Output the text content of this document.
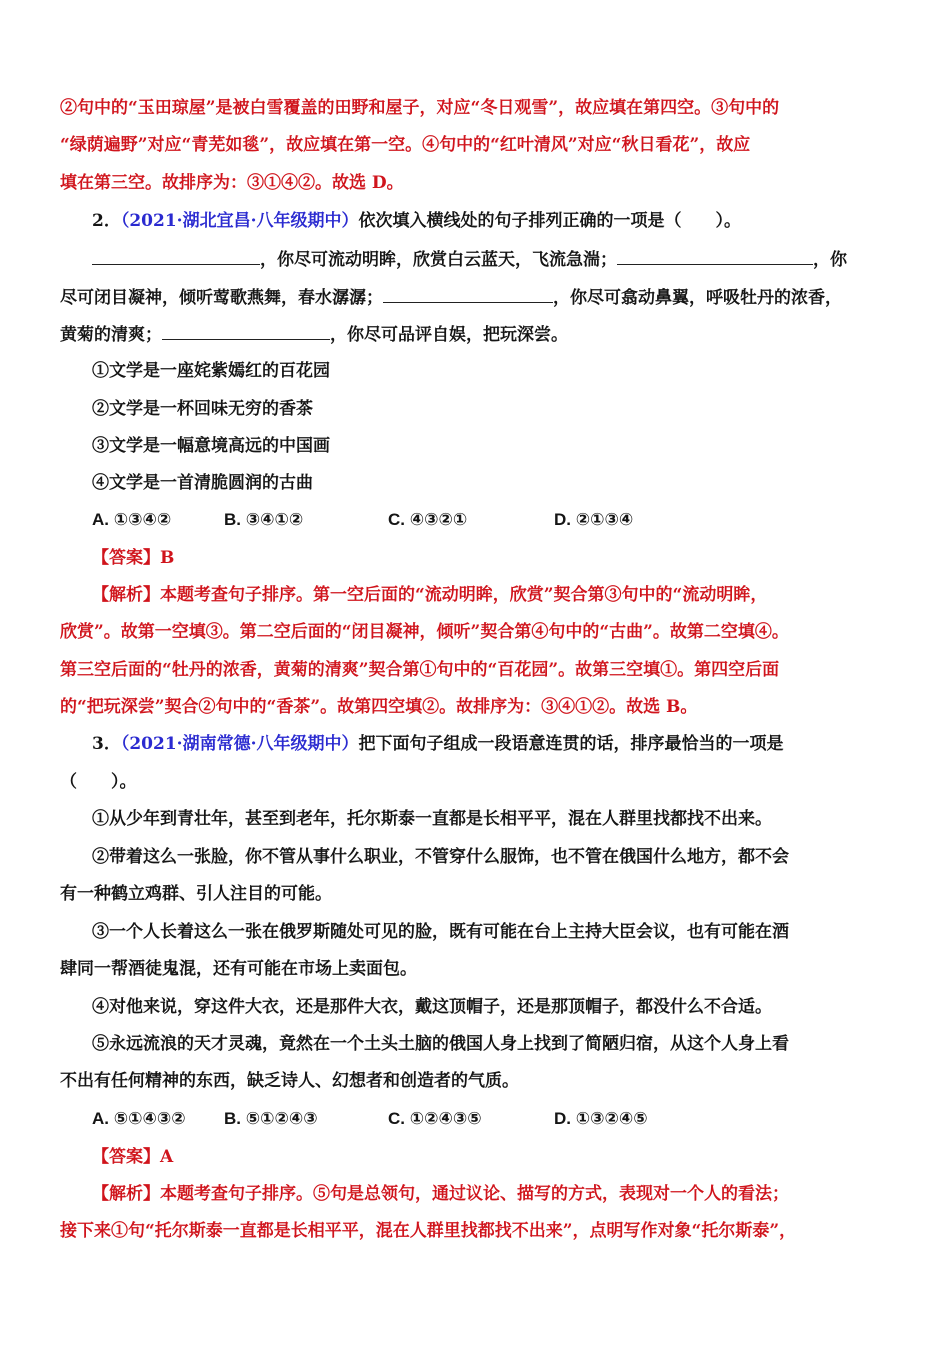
②句中的“玉田琼屋”是被白雪覆盖的田野和屋子，对应“冬日观雪”，故应填在第四空。③句中的
“绿荫遍野”对应“青芜如毯”，故应填在第一空。④句中的“红叶清风”对应“秋日看花”，故应
填在第三空。故排序为：③①④②。故选 D。
2．（2021·湖北宜昌·八年级期中）依次填入横线处的句子排列正确的一项是（　　）。
，你尽可流动明眸，欣赏白云蓝天，飞流急湍；	，你
尽可闭目凝神，倾听莺歌燕舞，春水潺潺；	，你尽可翕动鼻翼，呼吸牡丹的浓香，
黄菊的清爽；	，你尽可品评自娱，把玩深尝。
①文学是一座姹紫嫣红的百花园
②文学是一杯回味无穷的香茶
③文学是一幅意境高远的中国画
④文学是一首清脆圆润的古曲
A. ①③④②	B. ③④①②	C. ④③②①	D. ②①③④
【答案】B
【解析】本题考查句子排序。第一空后面的“流动明眸，欣赏”契合第③句中的“流动明眸，
欣赏”。故第一空填③。第二空后面的“闭目凝神，倾听”契合第④句中的“古曲”。故第二空填④。
第三空后面的“牡丹的浓香，黄菊的清爽”契合第①句中的“百花园”。故第三空填①。第四空后面
的“把玩深尝”契合②句中的“香茶”。故第四空填②。故排序为：③④①②。故选 B。
3．（2021·湖南常德·八年级期中）把下面句子组成一段语意连贯的话，排序最恰当的一项是
（　　）。
①从少年到青壮年，甚至到老年，托尔斯泰一直都是长相平平，混在人群里找都找不出来。
②带着这么一张脸，你不管从事什么职业，不管穿什么服饰，也不管在俄国什么地方，都不会
有一种鹤立鸡群、引人注目的可能。
③一个人长着这么一张在俄罗斯随处可见的脸，既有可能在台上主持大臣会议，也有可能在酒
肆同一帮酒徒鬼混，还有可能在市场上卖面包。
④对他来说，穿这件大衣，还是那件大衣，戴这顶帽子，还是那顶帽子，都没什么不合适。
⑤永远流浪的天才灵魂，竟然在一个土头土脑的俄国人身上找到了简陋归宿，从这个人身上看
不出有任何精神的东西，缺乏诗人、幻想者和创造者的气质。
A. ⑤①④③② B. ⑤①②④③	C. ①②④③⑤	D. ①③②④⑤
【答案】A
【解析】本题考查句子排序。⑤句是总领句，通过议论、描写的方式，表现对一个人的看法；
接下来①句“托尔斯泰一直都是长相平平，混在人群里找都找不出来”，点明写作对象“托尔斯泰”，
